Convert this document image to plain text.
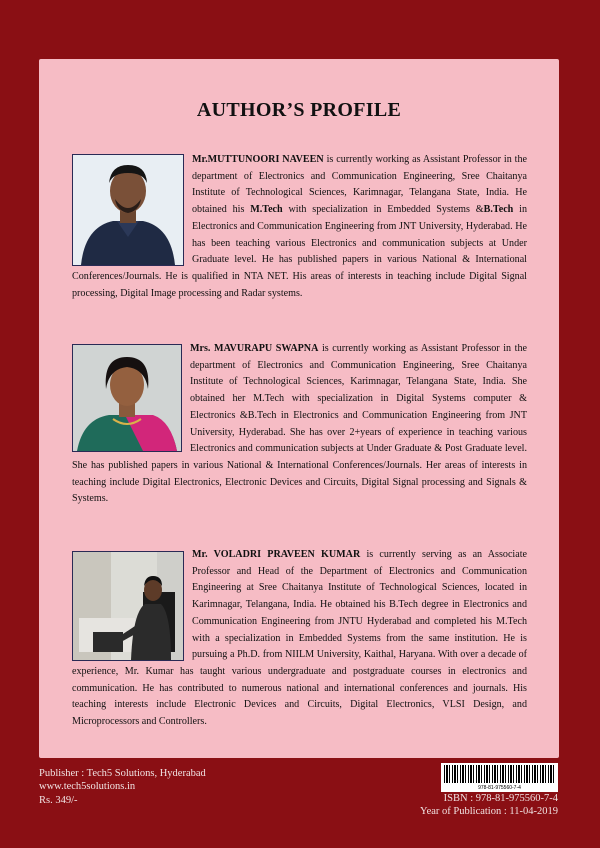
AUTHOR’S PROFILE

Mr.MUTTUNOORI NAVEEN is currently working as Assistant Professor in the department of Electronics and Communication Engineering, Sree Chaitanya Institute of Technological Sciences, Karimnagar, Telangana State, India. He obtained his M.Tech with specialization in Embedded Systems &B.Tech in Electronics and Communication Engineering from JNT University, Hyderabad. He has been teaching various Electronics and communication subjects at Under Graduate level. He has published papers in various National & International Conferences/Journals. He is qualified in NTA NET. His areas of interests in teaching include Digital Signal processing, Digital Image processing and Radar systems.

Mrs. MAVURAPU SWAPNA is currently working as Assistant Professor in the department of Electronics and Communication Engineering, Sree Chaitanya Institute of Technological Sciences, Karimnagar, Telangana State, India. She obtained her M.Tech with specialization in Digital Systems computer & Electronics &B.Tech in Electronics and Communication Engineering from JNT University, Hyderabad. She has over 2+years of experience in teaching various Electronics and communication subjects at Under Graduate & Post Graduate level. She has published papers in various National & International Conferences/Journals. Her areas of interests in teaching include Digital Electronics, Electronic Devices and Circuits, Digital Signal processing and Signals & Systems.

Mr. VOLADRI PRAVEEN KUMAR is currently serving as an Associate Professor and Head of the Department of Electronics and Communication Engineering at Sree Chaitanya Institute of Technological Sciences, located in Karimnagar, Telangana, India. He obtained his B.Tech degree in Electronics and Communication Engineering from JNTU Hyderabad and completed his M.Tech with a specialization in Embedded Systems from the same institution. He is pursuing a Ph.D. from NIILM University, Kaithal, Haryana. With over a decade of experience, Mr. Kumar has taught various undergraduate and postgraduate courses in electronics and communication. He has contributed to numerous national and international conferences and journals. His teaching interests include Electronic Devices and Circuits, Digital Electronics, VLSI Design, and Microprocessors and Controllers.

Publisher : Tech5 Solutions, Hyderabad
www.tech5solutions.in
Rs. 349/-
978-81-975560-7-4
ISBN : 978-81-975560-7-4
Year of Publication : 11-04-2019
